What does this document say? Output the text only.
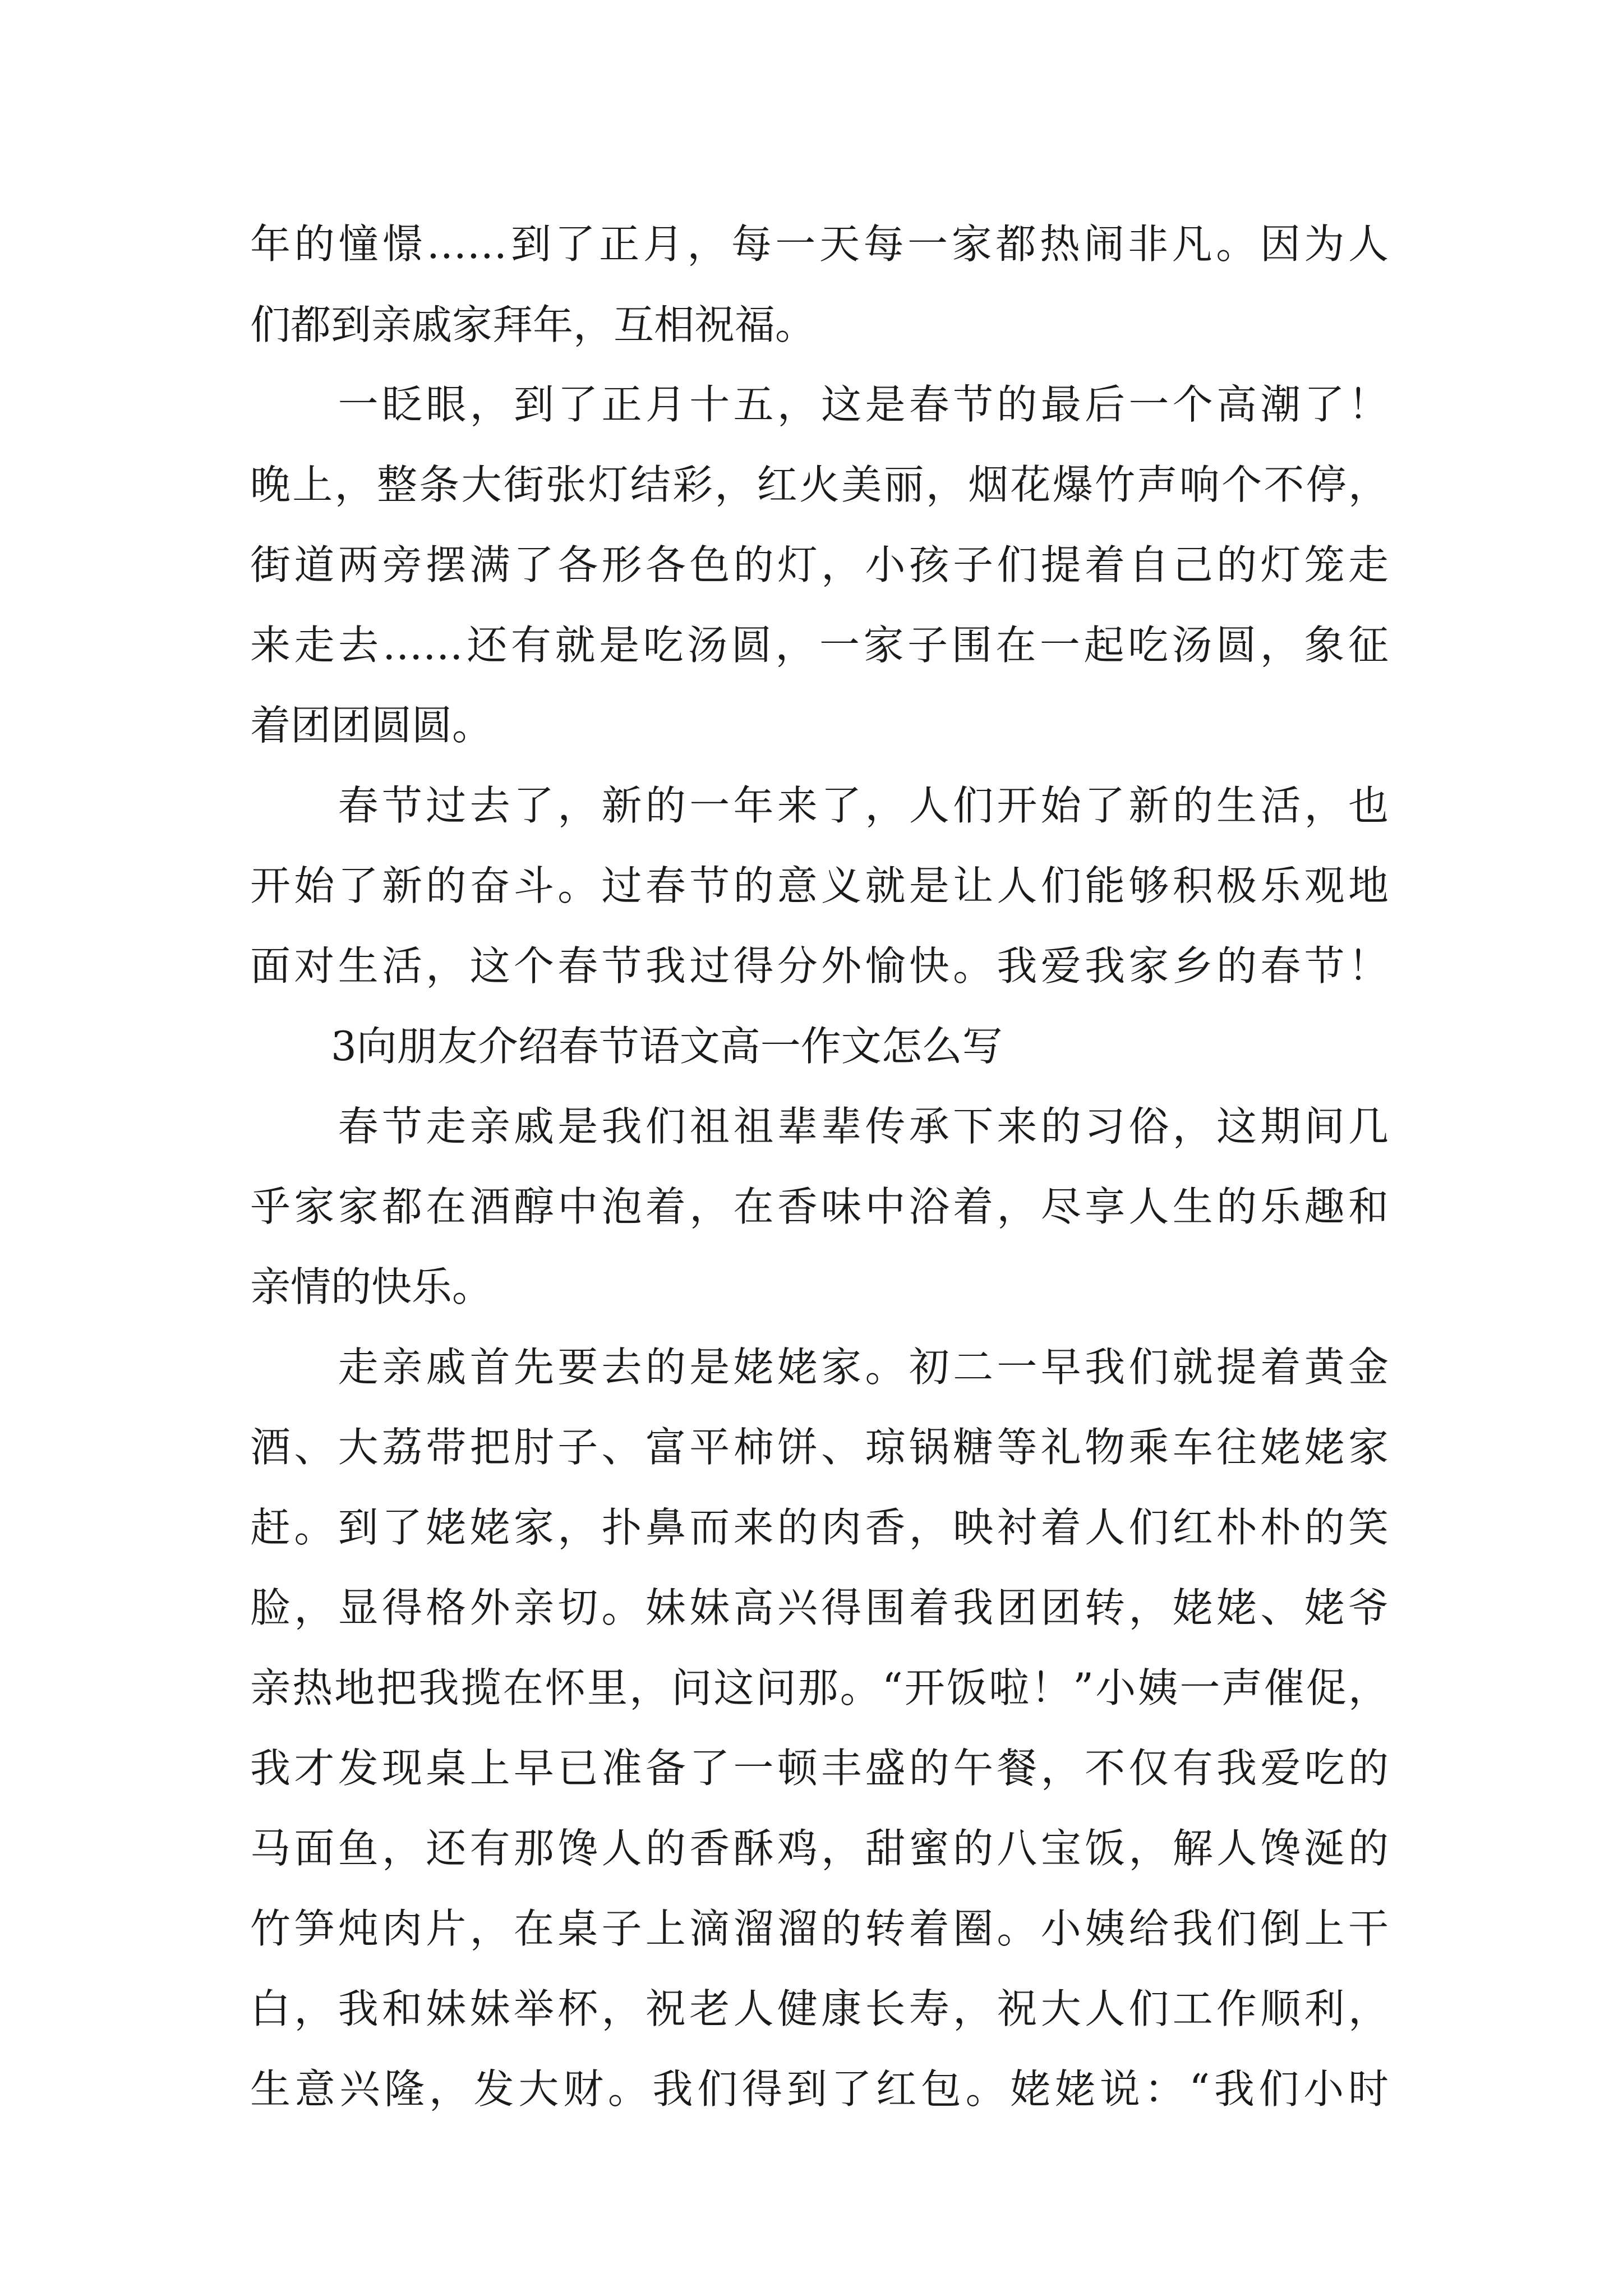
年的憧憬……到了正月，每一天每一家都热闹非凡。因为人
们都到亲戚家拜年，互相祝福。
　　一眨眼，到了正月十五，这是春节的最后一个高潮了！
晚上，整条大街张灯结彩，红火美丽，烟花爆竹声响个不停，
街道两旁摆满了各形各色的灯，小孩子们提着自己的灯笼走
来走去……还有就是吃汤圆，一家子围在一起吃汤圆，象征
着团团圆圆。
　　春节过去了，新的一年来了，人们开始了新的生活，也
开始了新的奋斗。过春节的意义就是让人们能够积极乐观地
面对生活，这个春节我过得分外愉快。我爱我家乡的春节！
　　3向朋友介绍春节语文高一作文怎么写
　　春节走亲戚是我们祖祖辈辈传承下来的习俗，这期间几
乎家家都在酒醇中泡着，在香味中浴着，尽享人生的乐趣和
亲情的快乐。
　　走亲戚首先要去的是姥姥家。初二一早我们就提着黄金
酒、大荔带把肘子、富平柿饼、琼锅糖等礼物乘车往姥姥家
赶。到了姥姥家，扑鼻而来的肉香，映衬着人们红朴朴的笑
脸，显得格外亲切。妹妹高兴得围着我团团转，姥姥、姥爷
亲热地把我揽在怀里，问这问那。“开饭啦！”小姨一声催促，
我才发现桌上早已准备了一顿丰盛的午餐，不仅有我爱吃的
马面鱼，还有那馋人的香酥鸡，甜蜜的八宝饭，解人馋涎的
竹笋炖肉片，在桌子上滴溜溜的转着圈。小姨给我们倒上干
白，我和妹妹举杯，祝老人健康长寿，祝大人们工作顺利，
生意兴隆，发大财。我们得到了红包。姥姥说：“我们小时
